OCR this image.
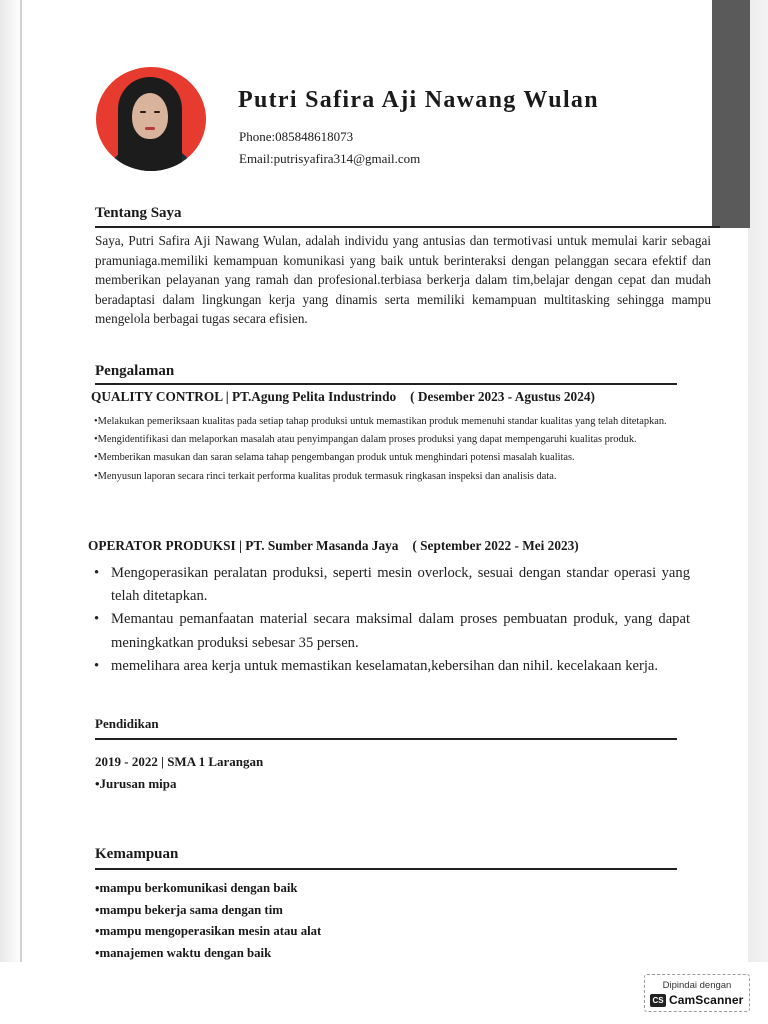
Putri Safira Aji Nawang Wulan
Phone:085848618073
Email:putrisyafira314@gmail.com
Tentang Saya
Saya, Putri Safira Aji Nawang Wulan, adalah individu yang antusias dan termotivasi untuk memulai karir sebagai pramuniaga.memiliki kemampuan komunikasi yang baik untuk berinteraksi dengan pelanggan secara efektif dan memberikan pelayanan yang ramah dan profesional.terbiasa berkerja dalam tim,belajar dengan cepat dan mudah beradaptasi dalam lingkungan kerja yang dinamis serta memiliki kemampuan multitasking sehingga mampu mengelola berbagai tugas secara efisien.
Pengalaman
QUALITY CONTROL | PT.Agung Pelita Industrindo ( Desember 2023 - Agustus 2024)

•Melakukan pemeriksaan kualitas pada setiap tahap produksi untuk memastikan produk memenuhi standar kualitas yang telah ditetapkan.

•Mengidentifikasi dan melaporkan masalah atau penyimpangan dalam proses produksi yang dapat mempengaruhi kualitas produk.

•Memberikan masukan dan saran selama tahap pengembangan produk untuk menghindari potensi masalah kualitas.

•Menyusun laporan secara rinci terkait performa kualitas produk termasuk ringkasan inspeksi dan analisis data.

OPERATOR PRODUKSI | PT. Sumber Masanda Jaya ( September 2022 - Mei 2023)
• Mengoperasikan peralatan produksi, seperti mesin overlock, sesuai dengan standar operasi yang telah ditetapkan.
• Memantau pemanfaatan material secara maksimal dalam proses pembuatan produk, yang dapat meningkatkan produksi sebesar 35 persen.
• memelihara area kerja untuk memastikan keselamatan,kebersihan dan nihil. kecelakaan kerja.
Pendidikan
2019 - 2022 | SMA 1 Larangan
•Jurusan mipa
Kemampuan
•mampu berkomunikasi dengan baik
•mampu bekerja sama dengan tim
•mampu mengoperasikan mesin atau alat
•manajemen waktu dengan baik
Dipindai dengan
CS CamScanner
